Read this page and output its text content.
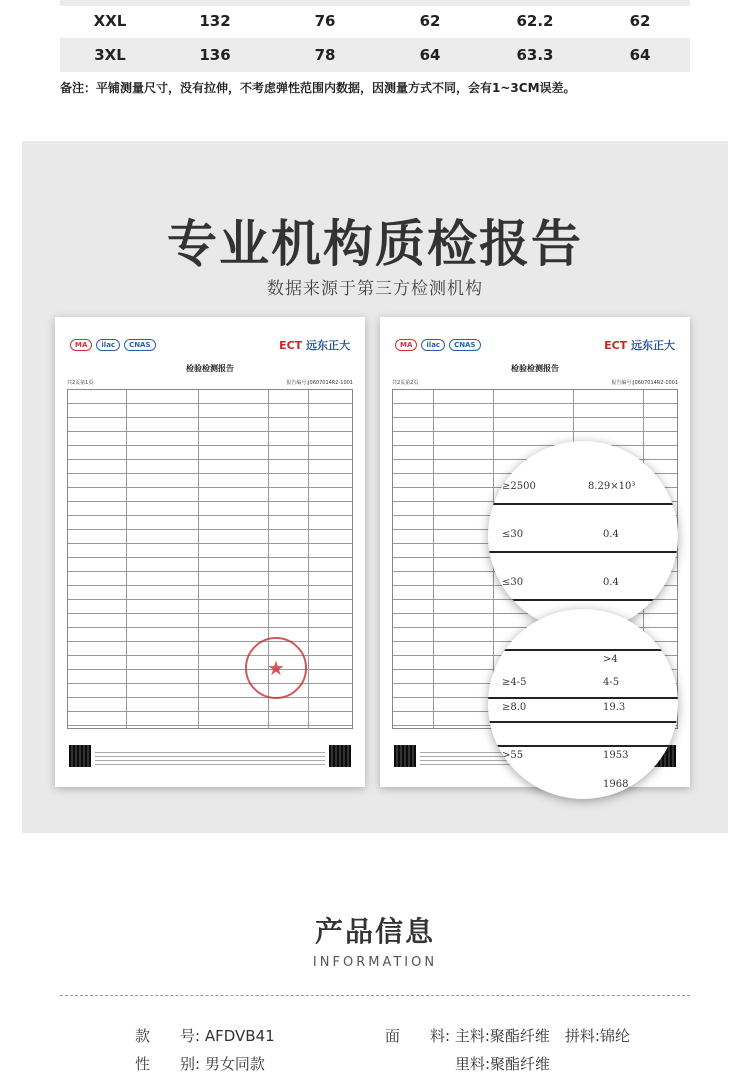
XXL	132	76	62	62.2	62
3XL	136	78	64	63.3	64
备注：平铺测量尺寸，没有拉伸，不考虑弹性范围内数据，因测量方式不同，会有1~3CM误差。
专业机构质检报告
数据来源于第三方检测机构
MA	ilac	CNAS	ECT 远东正大
检验检测报告
共2页第1页	报告编号:J0607014R2-1001
★
MA	ilac	CNAS	ECT 远东正大
检验检测报告
共2页第2页	报告编号:J0607014R2-1001
≥2500	8.29×10³
≤30	0.4
≤30	0.4
>4
≥4-5	4-5
≥8.0	19.3
>55	1953
1968
产品信息
INFORMATION
款　　号: AFDVB41	面　　料: 主料:聚酯纤维　拼料:锦纶
性　　别: 男女同款	里料:聚酯纤维
